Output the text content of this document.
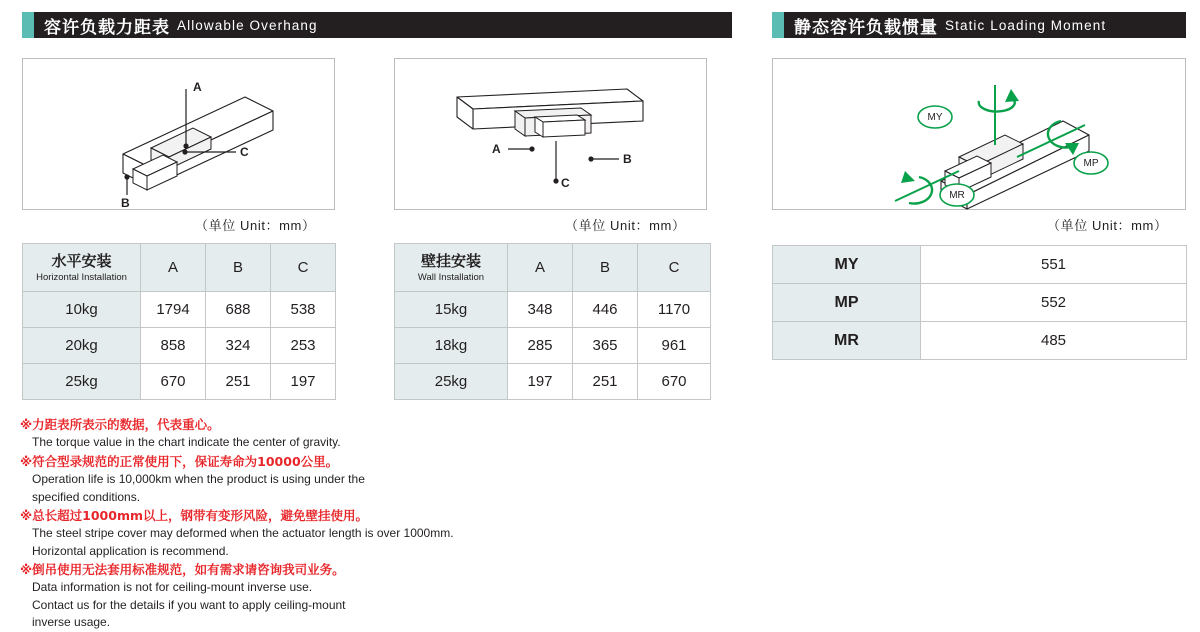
容许负载力距表 Allowable Overhang	静态容许负载惯量 Static Loading Moment
A
C
B
（单位 Unit：mm）
B
A
C
（单位 Unit：mm）
MY
MP
MR
（单位 Unit：mm）
水平安装
Horizontal Installation	A	B	C
10kg	1794	688	538
20kg	858	324	253
25kg	670	251	197
壁挂安装
Wall Installation	A	B	C
15kg	348	446	1170
18kg	285	365	961
25kg	197	251	670
MY	551
MP	552
MR	485
※力距表所表示的数据，代表重心。
The torque value in the chart indicate the center of gravity.
※符合型录规范的正常使用下，保证寿命为10000公里。
Operation life is 10,000km when the product is using under the
specified conditions.
※总长超过1000mm以上，钢带有变形风险，避免壁挂使用。
The steel stripe cover may deformed when the actuator length is over 1000mm.
Horizontal application is recommend.
※倒吊使用无法套用标准规范，如有需求请咨询我司业务。
Data information is not for ceiling-mount inverse use.
Contact us for the details if you want to apply ceiling-mount
inverse usage.
